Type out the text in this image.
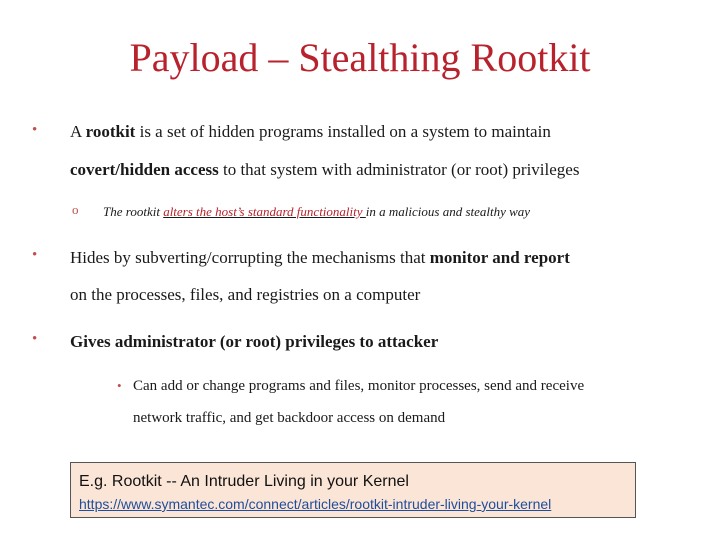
Payload – Stealthing Rootkit
• A rootkit is a set of hidden programs installed on a system to maintain
covert/hidden access to that system with administrator (or root) privileges
o The rootkit alters the host’s standard functionality in a malicious and stealthy way
• Hides by subverting/corrupting the mechanisms that monitor and report
on the processes, files, and registries on a computer
• Gives administrator (or root) privileges to attacker
• Can add or change programs and files, monitor processes, send and receive
network traffic, and get backdoor access on demand
E.g. Rootkit -- An Intruder Living in your Kernel
https://www.symantec.com/connect/articles/rootkit-intruder-living-your-kernel
